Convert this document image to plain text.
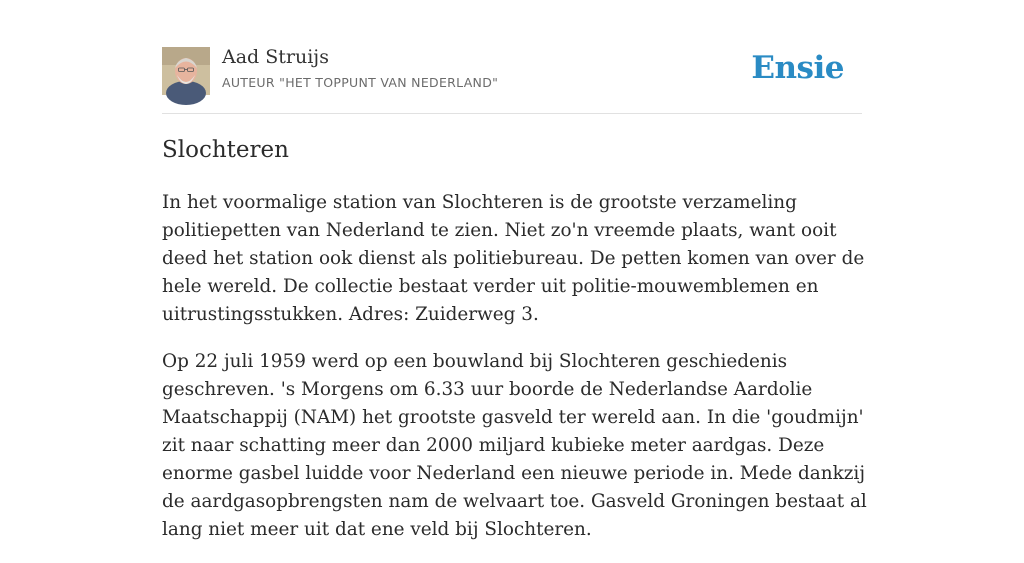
Aad Struijs
AUTEUR "HET TOPPUNT VAN NEDERLAND"	Ensie
Slochteren

In het voormalige station van Slochteren is de grootste verzameling politiepetten van Nederland te zien. Niet zo'n vreemde plaats, want ooit deed het station ook dienst als politiebureau. De petten komen van over de hele wereld. De collectie bestaat verder uit politie-mouwemblemen en uitrustingsstukken. Adres: Zuiderweg 3.

Op 22 juli 1959 werd op een bouwland bij Slochteren geschiedenis geschreven. 's Morgens om 6.33 uur boorde de Nederlandse Aardolie Maatschappij (NAM) het grootste gasveld ter wereld aan. In die 'goudmijn' zit naar schatting meer dan 2000 miljard kubieke meter aardgas. Deze enorme gasbel luidde voor Nederland een nieuwe periode in. Mede dankzij de aardgasopbrengsten nam de welvaart toe. Gasveld Groningen bestaat al lang niet meer uit dat ene veld bij Slochteren.
